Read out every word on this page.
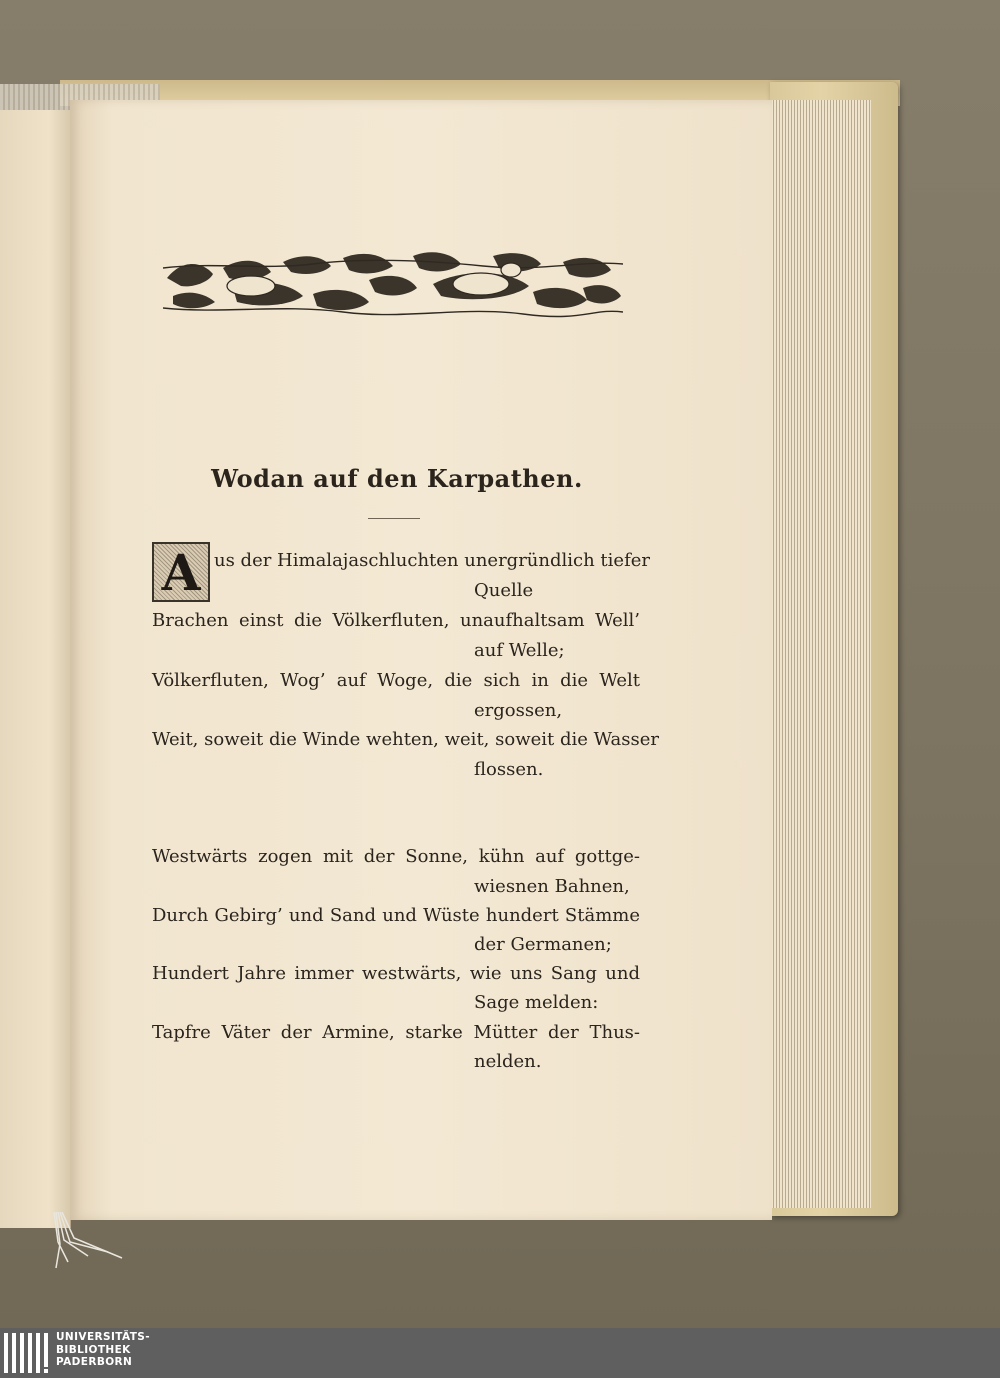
Wodan auf den Karpathen.
A us der Himalajaschluchten unergründlich tiefer
Quelle
Brachen einst die Völkerfluten, unaufhaltsam Well’
auf Welle;
Völkerfluten, Wog’ auf Woge, die sich in die Welt
ergossen,
Weit, soweit die Winde wehten, weit, soweit die Wasser
flossen.
Westwärts zogen mit der Sonne, kühn auf gottge-
wiesnen Bahnen,
Durch Gebirg’ und Sand und Wüste hundert Stämme
der Germanen;
Hundert Jahre immer westwärts, wie uns Sang und
Sage melden:
Tapfre Väter der Armine, starke Mütter der Thus-
nelden.
UNIVERSITÄTS-
BIBLIOTHEK
PADERBORN
